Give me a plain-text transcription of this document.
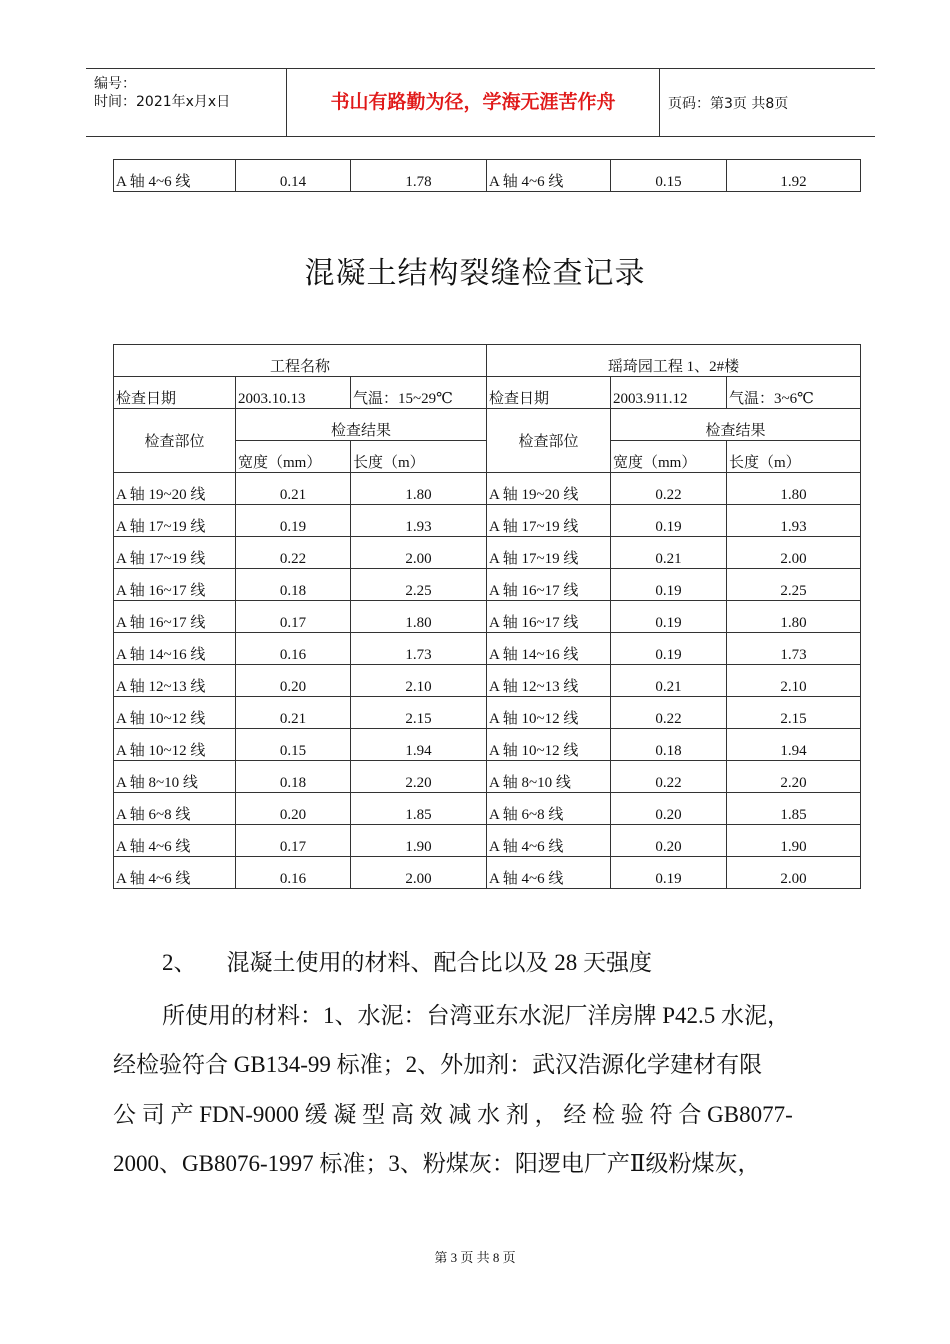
编号：
时间：2021年x月x日	书山有路勤为径，学海无涯苦作舟	页码：第3页 共8页
A 轴 4~6 线	0.14	1.78	A 轴 4~6 线	0.15	1.92
混凝土结构裂缝检查记录
工程名称			瑶琦园工程 1、2#楼		
检查日期	2003.10.13	气温：15~29℃	检查日期	2003.911.12	气温：3~6℃
检查部位	检查结果		检查部位	检查结果	
	宽度（mm）	长度（m）		宽度（mm）	长度（m）
A 轴 19~20 线	0.21	1.80	A 轴 19~20 线	0.22	1.80
A 轴 17~19 线	0.19	1.93	A 轴 17~19 线	0.19	1.93
A 轴 17~19 线	0.22	2.00	A 轴 17~19 线	0.21	2.00
A 轴 16~17 线	0.18	2.25	A 轴 16~17 线	0.19	2.25
A 轴 16~17 线	0.17	1.80	A 轴 16~17 线	0.19	1.80
A 轴 14~16 线	0.16	1.73	A 轴 14~16 线	0.19	1.73
A 轴 12~13 线	0.20	2.10	A 轴 12~13 线	0.21	2.10
A 轴 10~12 线	0.21	2.15	A 轴 10~12 线	0.22	2.15
A 轴 10~12 线	0.15	1.94	A 轴 10~12 线	0.18	1.94
A 轴 8~10 线	0.18	2.20	A 轴 8~10 线	0.22	2.20
A 轴 6~8 线	0.20	1.85	A 轴 6~8 线	0.20	1.85
A 轴 4~6 线	0.17	1.90	A 轴 4~6 线	0.20	1.90
A 轴 4~6 线	0.16	2.00	A 轴 4~6 线	0.19	2.00
2、 混凝土使用的材料、配合比以及 28 天强度
所使用的材料：1、水泥：台湾亚东水泥厂洋房牌 P42.5 水泥，
经检验符合 GB134-99 标准；2、外加剂：武汉浩源化学建材有限
公 司 产 FDN-9000 缓 凝 型 高 效 减 水 剂 ， 经 检 验 符 合 GB8077-
2000、GB8076-1997 标准；3、粉煤灰：阳逻电厂产Ⅱ级粉煤灰，
第 3 页 共 8 页
